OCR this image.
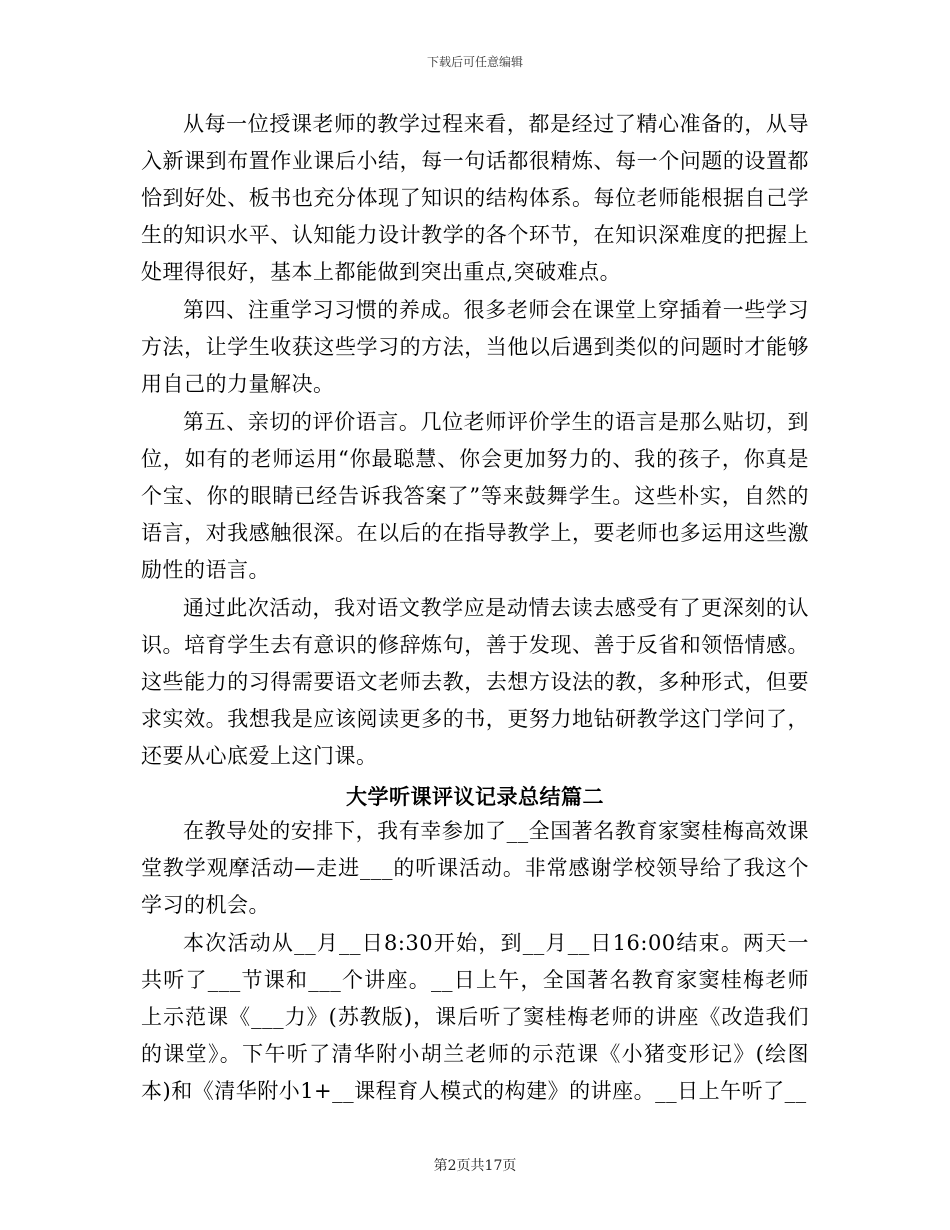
下载后可任意编辑

从每一位授课老师的教学过程来看，都是经过了精心准备的，从导入新课到布置作业课后小结，每一句话都很精炼、每一个问题的设置都恰到好处、板书也充分体现了知识的结构体系。每位老师能根据自己学生的知识水平、认知能力设计教学的各个环节，在知识深难度的把握上处理得很好，基本上都能做到突出重点,突破难点。

第四、注重学习习惯的养成。很多老师会在课堂上穿插着一些学习方法，让学生收获这些学习的方法，当他以后遇到类似的问题时才能够用自己的力量解决。

第五、亲切的评价语言。几位老师评价学生的语言是那么贴切，到位，如有的老师运用“你最聪慧、你会更加努力的、我的孩子，你真是个宝、你的眼睛已经告诉我答案了”等来鼓舞学生。这些朴实，自然的语言，对我感触很深。在以后的在指导教学上，要老师也多运用这些激励性的语言。

通过此次活动，我对语文教学应是动情去读去感受有了更深刻的认识。培育学生去有意识的修辞炼句，善于发现、善于反省和领悟情感。这些能力的习得需要语文老师去教，去想方设法的教，多种形式，但要求实效。我想我是应该阅读更多的书，更努力地钻研教学这门学问了，还要从心底爱上这门课。

大学听课评议记录总结篇二

在教导处的安排下，我有幸参加了__全国著名教育家窦桂梅高效课堂教学观摩活动—走进___的听课活动。非常感谢学校领导给了我这个学习的机会。

本次活动从__月__日8:30开始，到__月__日16:00结束。两天一共听了___节课和___个讲座。__日上午，全国著名教育家窦桂梅老师上示范课《___力》(苏教版)，课后听了窦桂梅老师的讲座《改造我们的课堂》。下午听了清华附小胡兰老师的示范课《小猪变形记》(绘图本)和《清华附小1+__课程育人模式的构建》的讲座。__日上午听了__

第2页共17页
